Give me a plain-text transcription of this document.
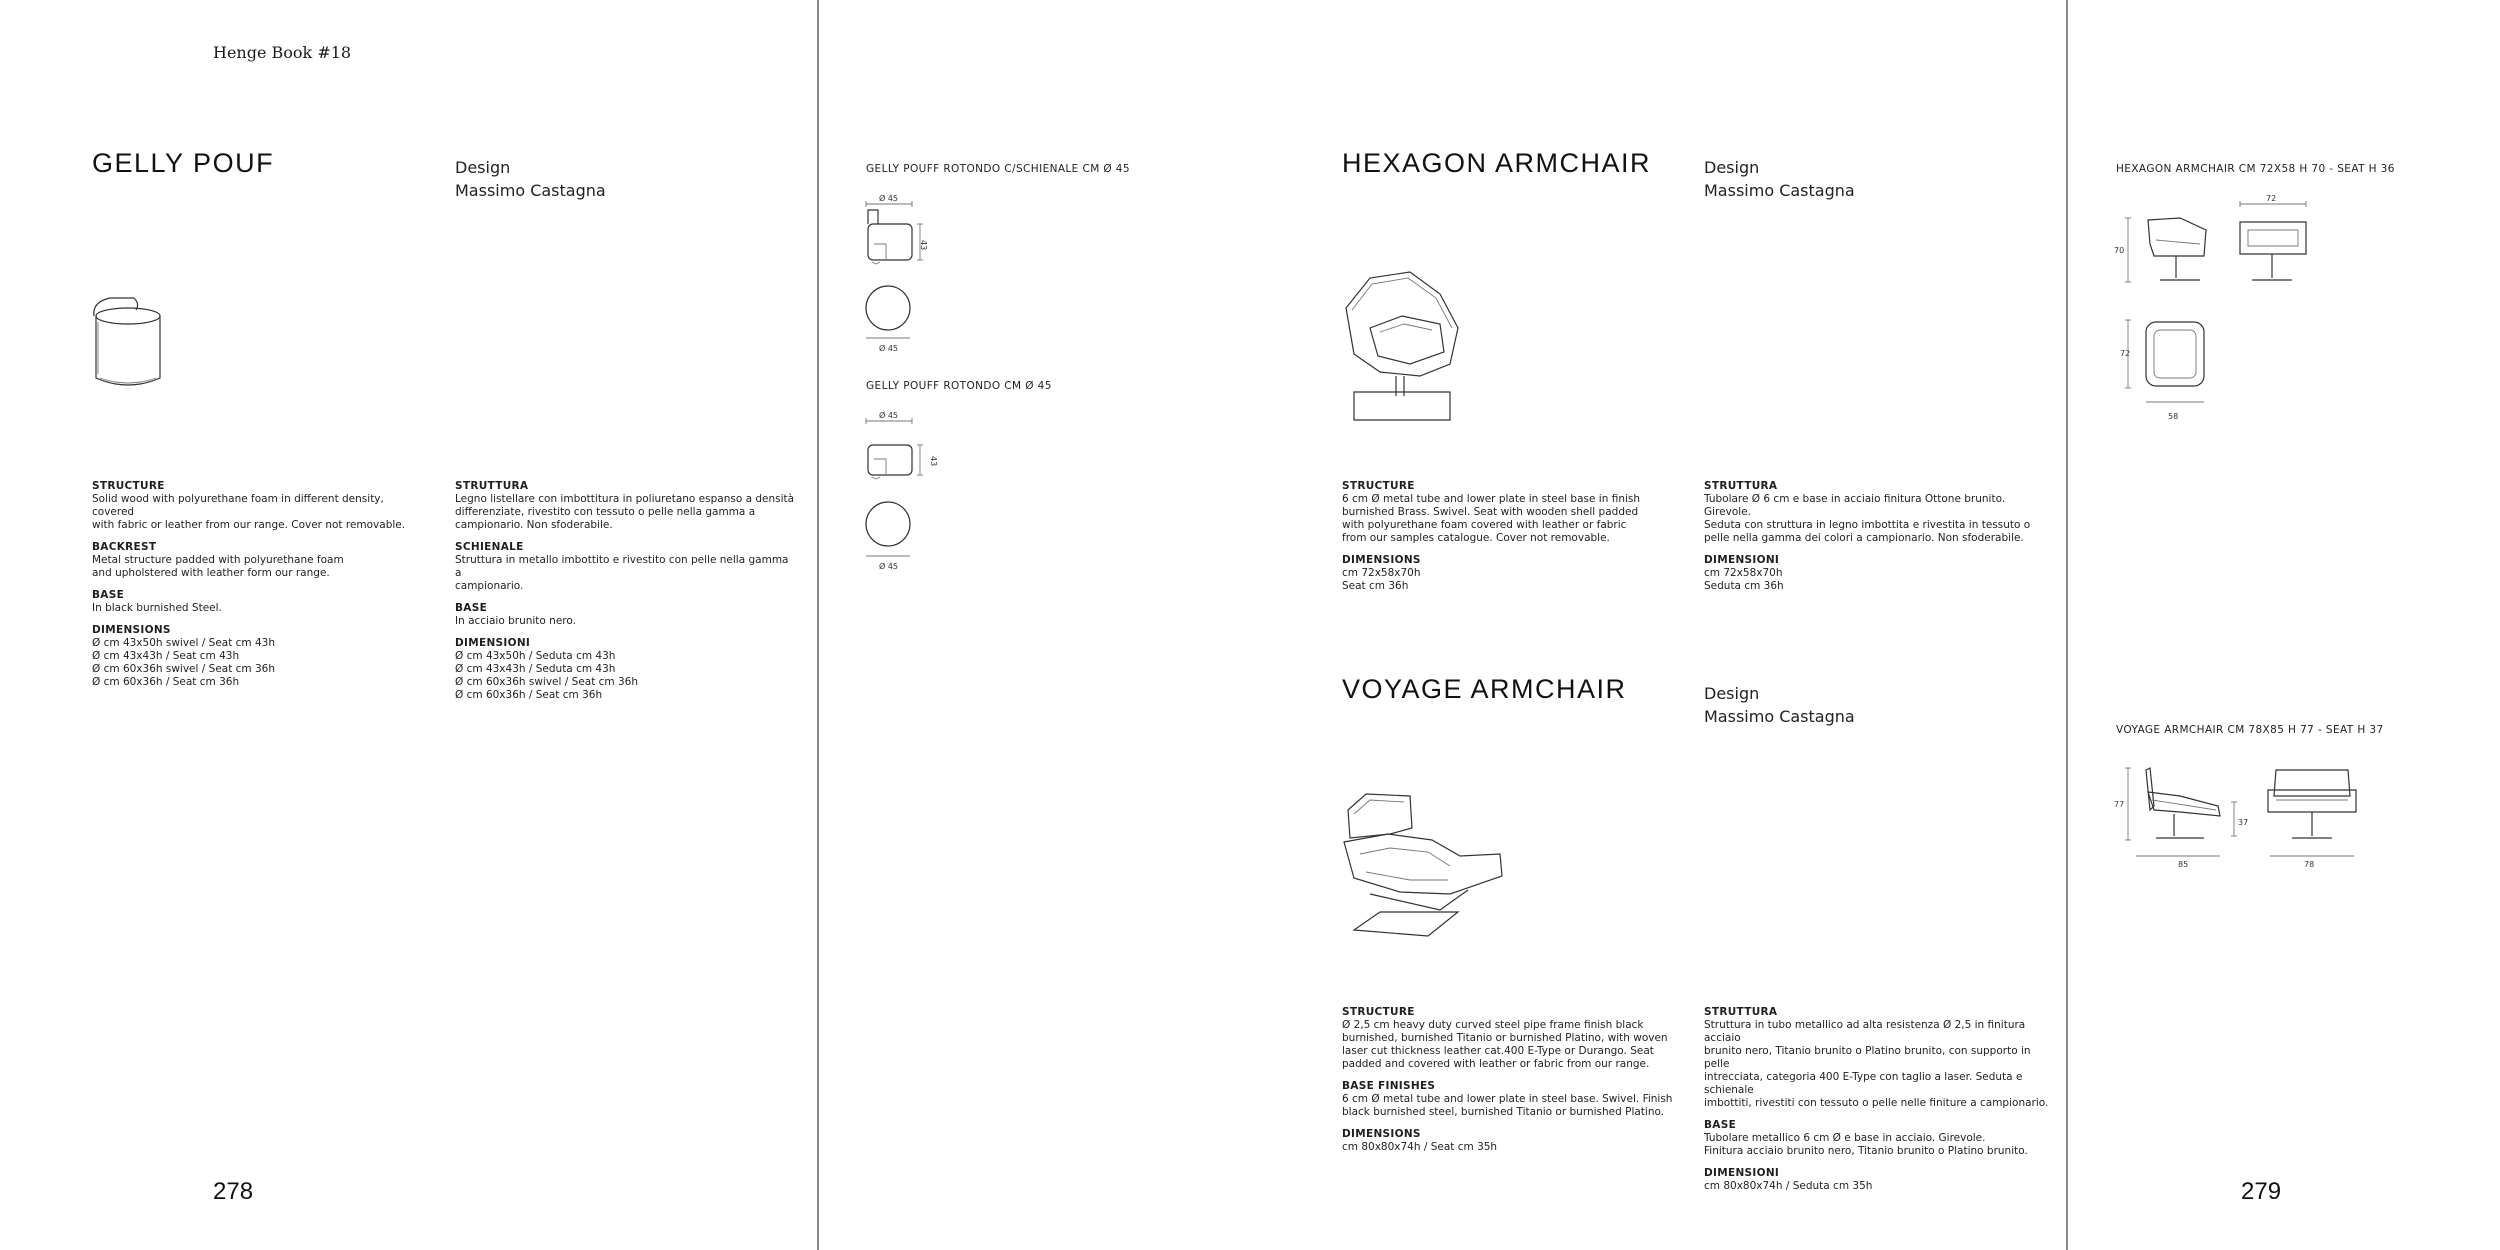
Henge Book #18
278	279
GELLY POUF	Design
Massimo Castagna
STRUCTURE
Solid wood with polyurethane foam in different density, covered
with fabric or leather from our range. Cover not removable.
BACKREST
Metal structure padded with polyurethane foam
and upholstered with leather form our range.
BASE
In black burnished Steel.
DIMENSIONS
Ø cm 43x50h swivel / Seat cm 43h
Ø cm 43x43h / Seat cm 43h
Ø cm 60x36h swivel / Seat cm 36h
Ø cm 60x36h / Seat cm 36h
STRUTTURA
Legno listellare con imbottitura in poliuretano espanso a densità
differenziate, rivestito con tessuto o pelle nella gamma a
campionario. Non sfoderabile.
SCHIENALE
Struttura in metallo imbottito e rivestito con pelle nella gamma a
campionario.
BASE
In acciaio brunito nero.
DIMENSIONI
Ø cm 43x50h / Seduta cm 43h
Ø cm 43x43h / Seduta cm 43h
Ø cm 60x36h swivel / Seat cm 36h
Ø cm 60x36h / Seat cm 36h
GELLY POUFF ROTONDO C/SCHIENALE CM Ø 45
Ø 45
43
Ø 45
GELLY POUFF ROTONDO CM Ø 45
Ø 45
43
Ø 45
HEXAGON ARMCHAIR	Design
Massimo Castagna
STRUCTURE
6 cm Ø metal tube and lower plate in steel base in finish
burnished Brass. Swivel. Seat with wooden shell padded
with polyurethane foam covered with leather or fabric
from our samples catalogue. Cover not removable.
DIMENSIONS
cm 72x58x70h
Seat cm 36h
STRUTTURA
Tubolare Ø 6 cm e base in acciaio finitura Ottone brunito. Girevole.
Seduta con struttura in legno imbottita e rivestita in tessuto o
pelle nella gamma dei colori a campionario. Non sfoderabile.
DIMENSIONI
cm 72x58x70h
Seduta cm 36h
HEXAGON ARMCHAIR CM 72X58 H 70 - SEAT H 36
72
70
72
58
VOYAGE ARMCHAIR	Design
Massimo Castagna
STRUCTURE
Ø 2,5 cm heavy duty curved steel pipe frame finish black
burnished, burnished Titanio or burnished Platino, with woven
laser cut thickness leather cat.400 E-Type or Durango. Seat
padded and covered with leather or fabric from our range.
BASE FINISHES
6 cm Ø metal tube and lower plate in steel base. Swivel. Finish
black burnished steel, burnished Titanio or burnished Platino.
DIMENSIONS
cm 80x80x74h / Seat cm 35h
STRUTTURA
Struttura in tubo metallico ad alta resistenza Ø 2,5 in finitura acciaio
brunito nero, Titanio brunito o Platino brunito, con supporto in pelle
intrecciata, categoria 400 E-Type con taglio a laser. Seduta e schienale
imbottiti, rivestiti con tessuto o pelle nelle finiture a campionario.
BASE
Tubolare metallico 6 cm Ø e base in acciaio. Girevole.
Finitura acciaio brunito nero, Titanio brunito o Platino brunito.
DIMENSIONI
cm 80x80x74h / Seduta cm 35h
VOYAGE ARMCHAIR CM 78X85 H 77 - SEAT H 37
77
37
85	78
